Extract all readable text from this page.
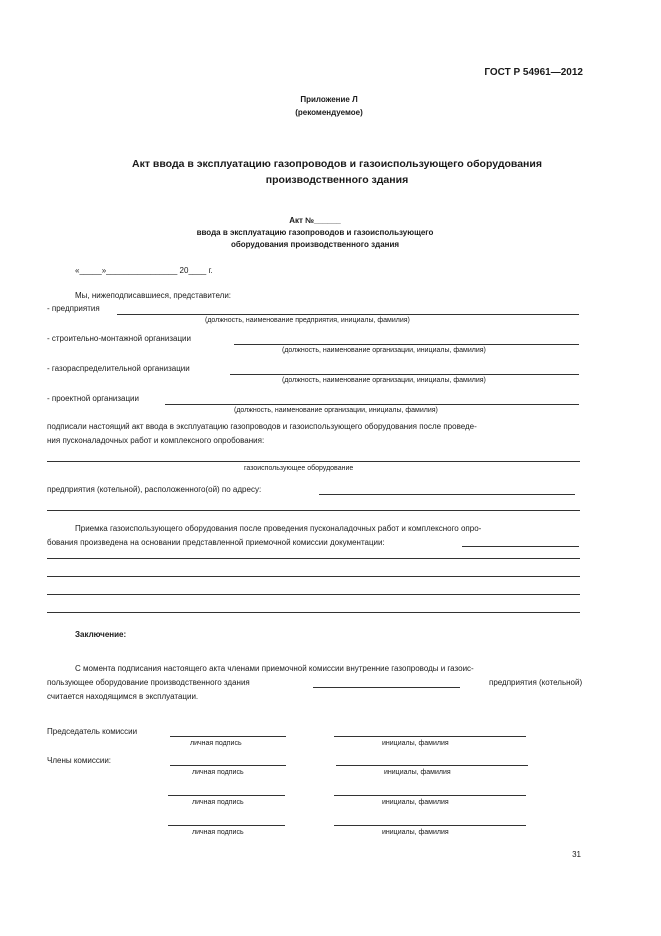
ГОСТ Р 54961—2012
Приложение Л
(рекомендуемое)
Акт ввода в эксплуатацию газопроводов и газоиспользующего оборудования
производственного здания
Акт №______
ввода в эксплуатацию газопроводов и газоиспользующего
оборудования производственного здания
«_____»________________ 20____ г.
Мы, нижеподписавшиеся, представители:
- предприятия
(должность, наименование предприятия, инициалы, фамилия)
- строительно-монтажной организации
(должность, наименование организации, инициалы, фамилия)
- газораспределительной организации
(должность, наименование организации, инициалы, фамилия)
- проектной организации
(должность, наименование организации, инициалы, фамилия)
подписали настоящий акт ввода в эксплуатацию газопроводов и газоиспользующего оборудования после проведе-
ния пусконаладочных работ и комплексного опробования:
газоиспользующее оборудование
предприятия (котельной), расположенного(ой) по адресу:
Приемка газоиспользующего оборудования после проведения пусконаладочных работ и комплексного опро-
бования произведена на основании представленной приемочной комиссии документации:
Заключение:
С момента подписания настоящего акта членами приемочной комиссии внутренние газопроводы и газоис-
пользующее оборудование производственного здания	предприятия (котельной)
считается находящимся в эксплуатации.
Председатель комиссии
личная подпись	инициалы, фамилия
Члены комиссии:
личная подпись	инициалы, фамилия
личная подпись	инициалы, фамилия
личная подпись	инициалы, фамилия
31
